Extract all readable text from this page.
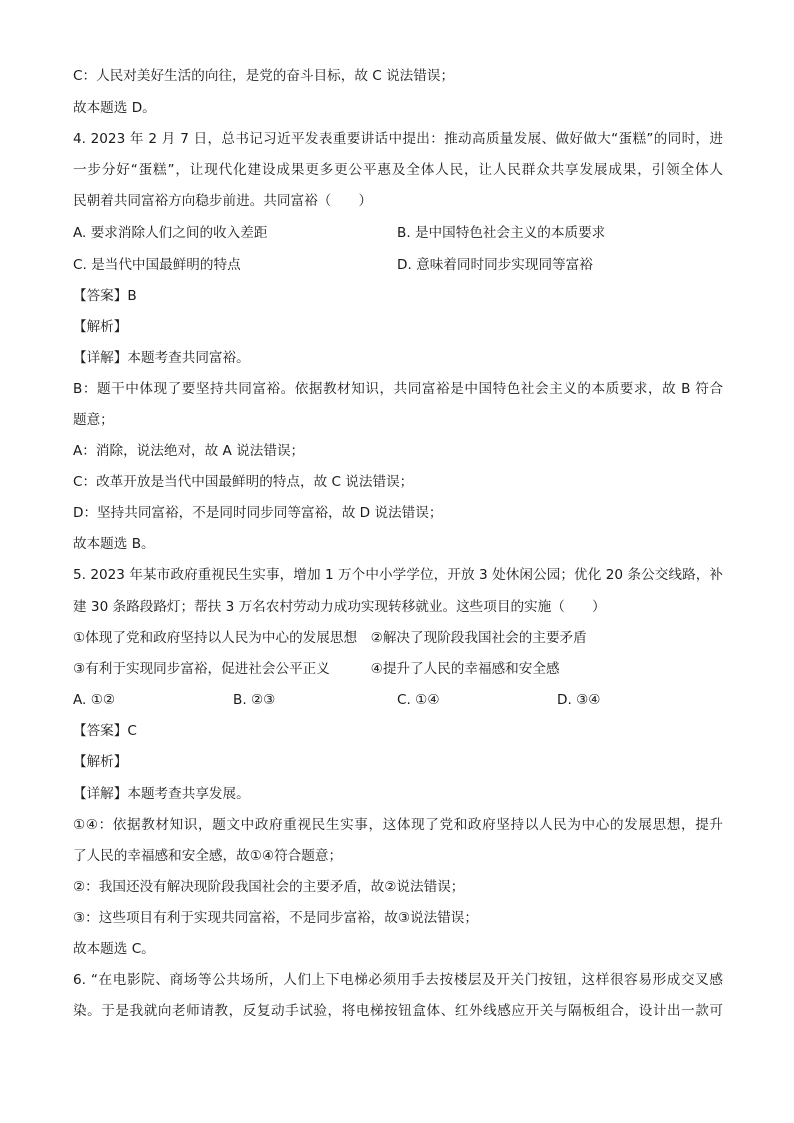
C：人民对美好生活的向往，是党的奋斗目标，故 C 说法错误；
故本题选 D。
4. 2023 年 2 月 7 日，总书记习近平发表重要讲话中提出：推动高质量发展、做好做大“蛋糕”的同时，进
一步分好“蛋糕”，让现代化建设成果更多更公平惠及全体人民，让人民群众共享发展成果，引领全体人
民朝着共同富裕方向稳步前进。共同富裕（　　）
A. 要求消除人们之间的收入差距	B. 是中国特色社会主义的本质要求
C. 是当代中国最鲜明的特点	D. 意味着同时同步实现同等富裕
【答案】B
【解析】
【详解】本题考查共同富裕。
B：题干中体现了要坚持共同富裕。依据教材知识，共同富裕是中国特色社会主义的本质要求，故 B 符合
题意；
A：消除，说法绝对，故 A 说法错误；
C：改革开放是当代中国最鲜明的特点，故 C 说法错误；
D：坚持共同富裕，不是同时同步同等富裕，故 D 说法错误；
故本题选 B。
5. 2023 年某市政府重视民生实事，增加 1 万个中小学学位，开放 3 处休闲公园；优化 20 条公交线路，补
建 30 条路段路灯；帮扶 3 万名农村劳动力成功实现转移就业。这些项目的实施（　　）
①体现了党和政府坚持以人民为中心的发展思想　②解决了现阶段我国社会的主要矛盾
③有利于实现同步富裕，促进社会公平正义　　　④提升了人民的幸福感和安全感
A. ①②	B. ②③	C. ①④	D. ③④
【答案】C
【解析】
【详解】本题考查共享发展。
①④：依据教材知识，题文中政府重视民生实事，这体现了党和政府坚持以人民为中心的发展思想，提升
了人民的幸福感和安全感，故①④符合题意；
②：我国还没有解决现阶段我国社会的主要矛盾，故②说法错误；
③：这些项目有利于实现共同富裕，不是同步富裕，故③说法错误；
故本题选 C。
6. “在电影院、商场等公共场所，人们上下电梯必须用手去按楼层及开关门按钮，这样很容易形成交叉感
染。于是我就向老师请教，反复动手试验，将电梯按钮盒体、红外线感应开关与隔板组合，设计出一款可
